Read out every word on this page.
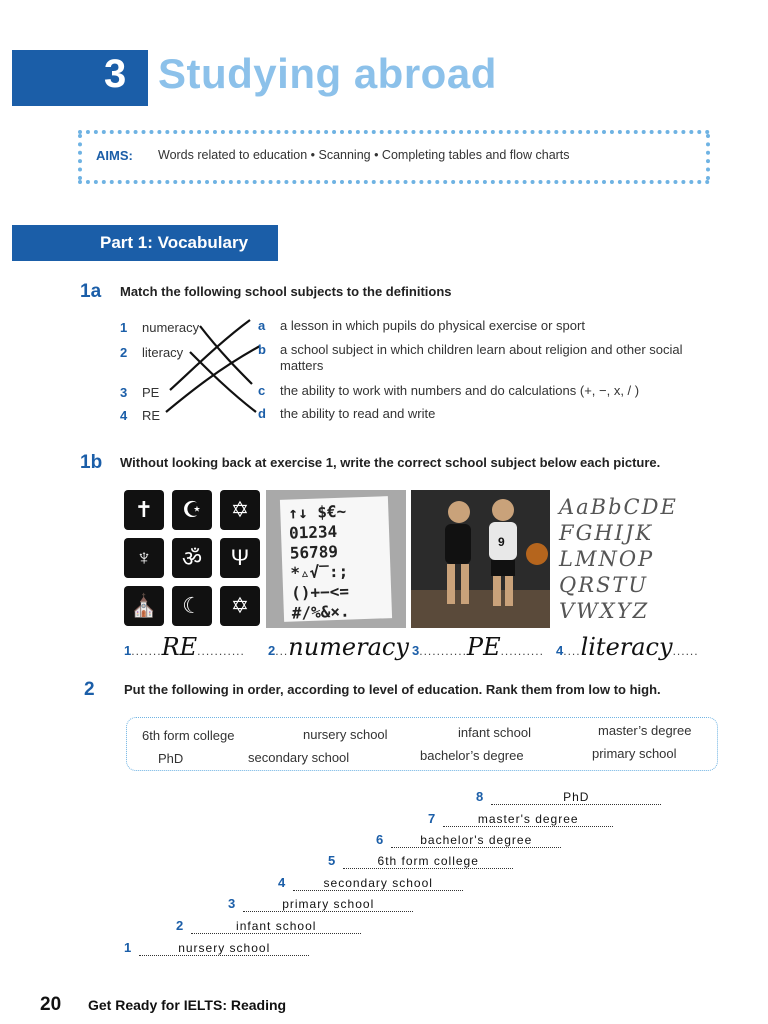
3 Studying abroad
AIMS: Words related to education • Scanning • Completing tables and flow charts
Part 1: Vocabulary
1a Match the following school subjects to the definitions
1 numeracy
2 literacy
3 PE
4 RE
a a lesson in which pupils do physical exercise or sport
b a school subject in which children learn about religion and other social matters
c the ability to work with numbers and do calculations (+, −, x, / )
d the ability to read and write
1b Without looking back at exercise 1, write the correct school subject below each picture.
✝	☪	✡
♆	ॐ	Ψ
⛪	☾	✡
↑↓ $€~
01234
56789
*▵√‾:;
()+−<=
#/%&×.
9
AaBbCDE
FGHIJK
LMNOP
QRSTU
VWXYZ
1 ....... RE ........... 2 ... numeracy 3 ........... PE .......... 4 .... literacy ......
2 Put the following in order, according to level of education. Rank them from low to high.
6th form college	nursery school	infant school	master’s degree
PhD	secondary school	bachelor’s degree	primary school
8	PhD
7	master's degree
6	bachelor's degree
5	6th form college
4	secondary school
3	primary school
2	infant school
1	nursery school
20 Get Ready for IELTS: Reading
